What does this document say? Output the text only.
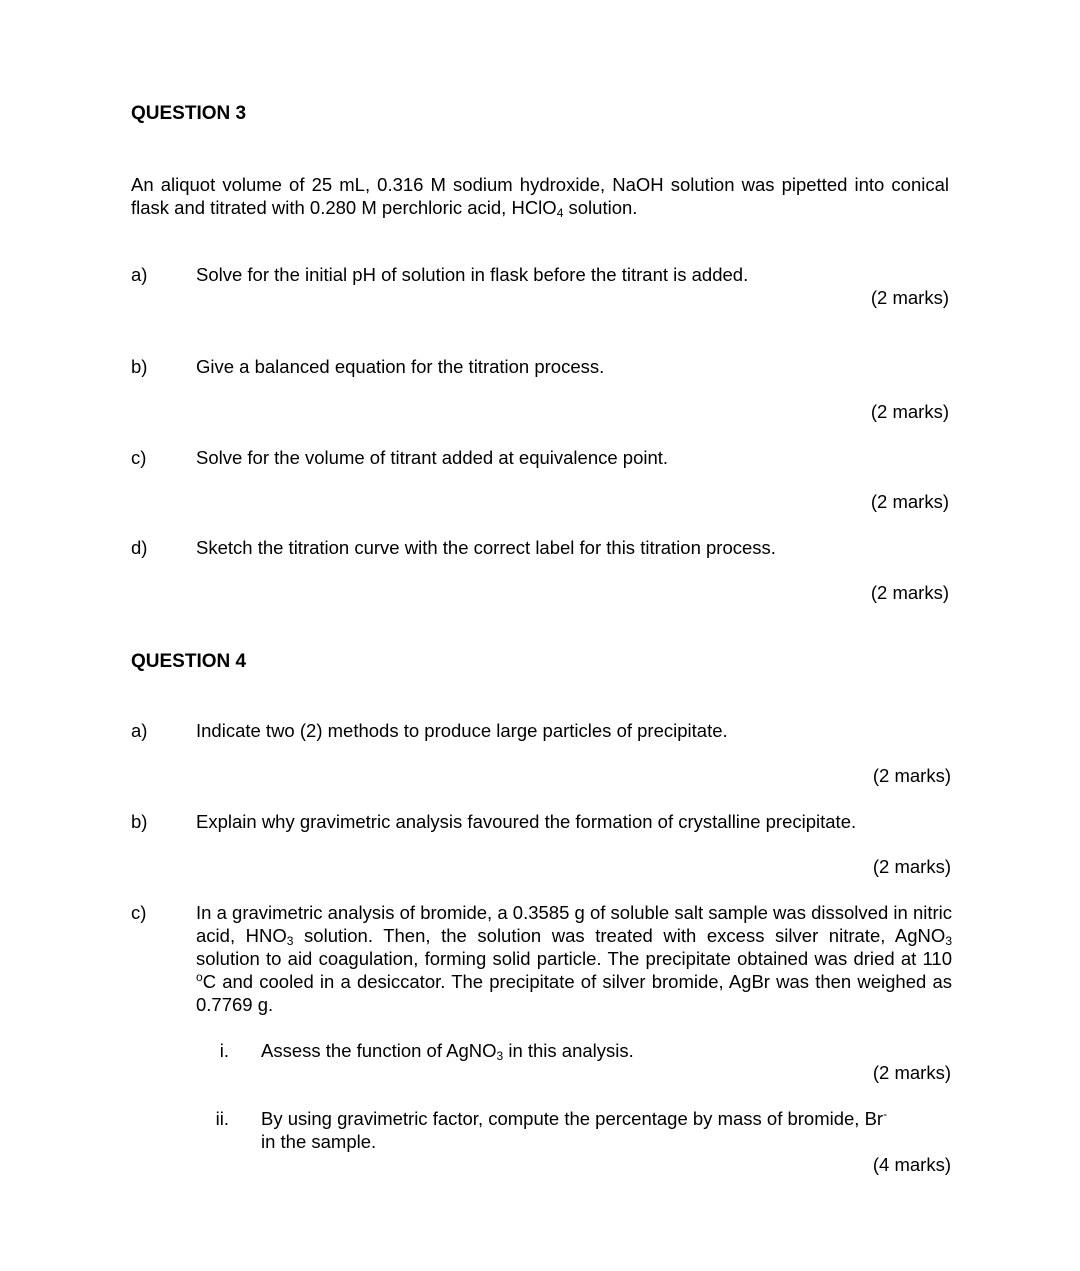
QUESTION 3
An aliquot volume of 25 mL, 0.316 M sodium hydroxide, NaOH solution was pipetted into conical flask and titrated with 0.280 M perchloric acid, HClO$_4$ solution.
a)	Solve for the initial pH of solution in flask before the titrant is added.
(2 marks)
b)	Give a balanced equation for the titration process.
(2 marks)
c)	Solve for the volume of titrant added at equivalence point.
(2 marks)
d)	Sketch the titration curve with the correct label for this titration process.
(2 marks)
QUESTION 4
a)	Indicate two (2) methods to produce large particles of precipitate.
(2 marks)
b)	Explain why gravimetric analysis favoured the formation of crystalline precipitate.
(2 marks)
c)	In a gravimetric analysis of bromide, a 0.3585 g of soluble salt sample was dissolved in nitric acid, $HNO_3$ solution. Then, the solution was treated with excess silver nitrate, AgNO$_3$ solution to aid coagulation, forming solid particle. The precipitate obtained was dried at 110 $^o$C and cooled in a desiccator. The precipitate of silver bromide, AgBr was then weighed as 0.7769 g.
i. Assess the function of AgNO$_3$ in this analysis.
(2 marks)
ii. By using gravimetric factor, compute the percentage by mass of bromide, Br-
in the sample.
(4 marks)
